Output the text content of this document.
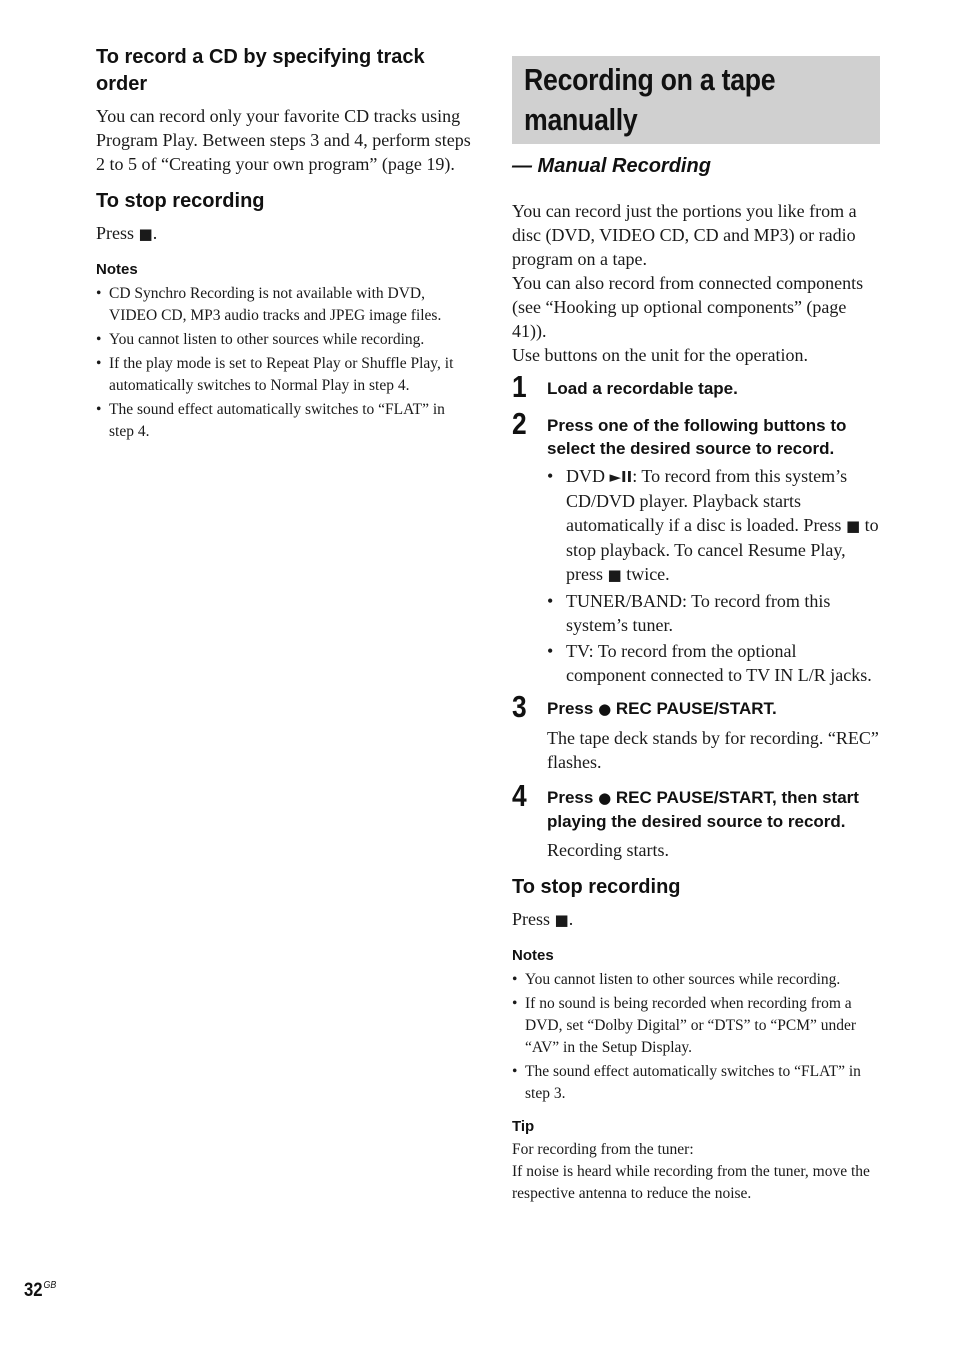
To record a CD by specifying track order

You can record only your favorite CD tracks using Program Play. Between steps 3 and 4, perform steps 2 to 5 of “Creating your own program” (page 19).

To stop recording

Press ■.

Notes
• CD Synchro Recording is not available with DVD, VIDEO CD, MP3 audio tracks and JPEG image files.
• You cannot listen to other sources while recording.
• If the play mode is set to Repeat Play or Shuffle Play, it automatically switches to Normal Play in step 4.
• The sound effect automatically switches to “FLAT” in step 4.
Recording on a tape manually

— Manual Recording

You can record just the portions you like from a disc (DVD, VIDEO CD, CD and MP3) or radio program on a tape.

You can also record from connected components (see “Hooking up optional components” (page 41)).

Use buttons on the unit for the operation.

1 Load a recordable tape.

2 Press one of the following buttons to select the desired source to record.

• DVD ►II: To record from this system’s CD/DVD player. Playback starts automatically if a disc is loaded. Press ■ to stop playback. To cancel Resume Play, press ■ twice.
• TUNER/BAND: To record from this system’s tuner.
• TV: To record from the optional component connected to TV IN L/R jacks.
3 Press ● REC PAUSE/START.

The tape deck stands by for recording. “REC” flashes.

4 Press ● REC PAUSE/START, then start playing the desired source to record.

Recording starts.

To stop recording

Press ■.

Notes
• You cannot listen to other sources while recording.
• If no sound is being recorded when recording from a DVD, set “Dolby Digital” or “DTS” to “PCM” under “AV” in the Setup Display.
• The sound effect automatically switches to “FLAT” in step 3.
Tip

For recording from the tuner:

If noise is heard while recording from the tuner, move the respective antenna to reduce the noise.

$32^{GB}$
